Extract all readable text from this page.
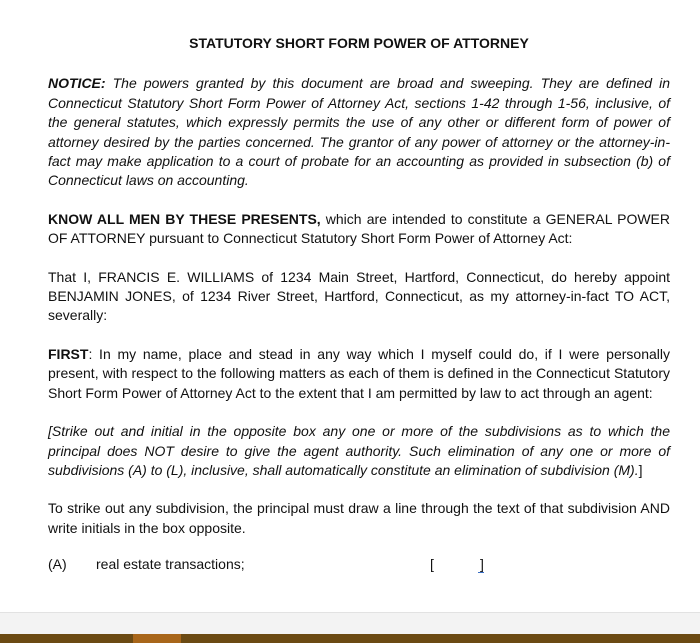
STATUTORY SHORT FORM POWER OF ATTORNEY

NOTICE: The powers granted by this document are broad and sweeping. They are defined in Connecticut Statutory Short Form Power of Attorney Act, sections 1-42 through 1-56, inclusive, of the general statutes, which expressly permits the use of any other or different form of power of attorney desired by the parties concerned. The grantor of any power of attorney or the attorney-in-fact may make application to a court of probate for an accounting as provided in subsection (b) of Connecticut laws on accounting.

KNOW ALL MEN BY THESE PRESENTS, which are intended to constitute a GENERAL POWER OF ATTORNEY pursuant to Connecticut Statutory Short Form Power of Attorney Act:

That I, FRANCIS E. WILLIAMS of 1234 Main Street, Hartford, Connecticut, do hereby appoint BENJAMIN JONES, of 1234 River Street, Hartford, Connecticut, as my attorney-in-fact TO ACT, severally:

FIRST: In my name, place and stead in any way which I myself could do, if I were personally present, with respect to the following matters as each of them is defined in the Connecticut Statutory Short Form Power of Attorney Act to the extent that I am permitted by law to act through an agent:

[Strike out and initial in the opposite box any one or more of the subdivisions as to which the principal does NOT desire to give the agent authority. Such elimination of any one or more of subdivisions (A) to (L), inclusive, shall automatically constitute an elimination of subdivision (M).]

To strike out any subdivision, the principal must draw a line through the text of that subdivision AND write initials in the box opposite.

(A) real estate transactions;	[	]
